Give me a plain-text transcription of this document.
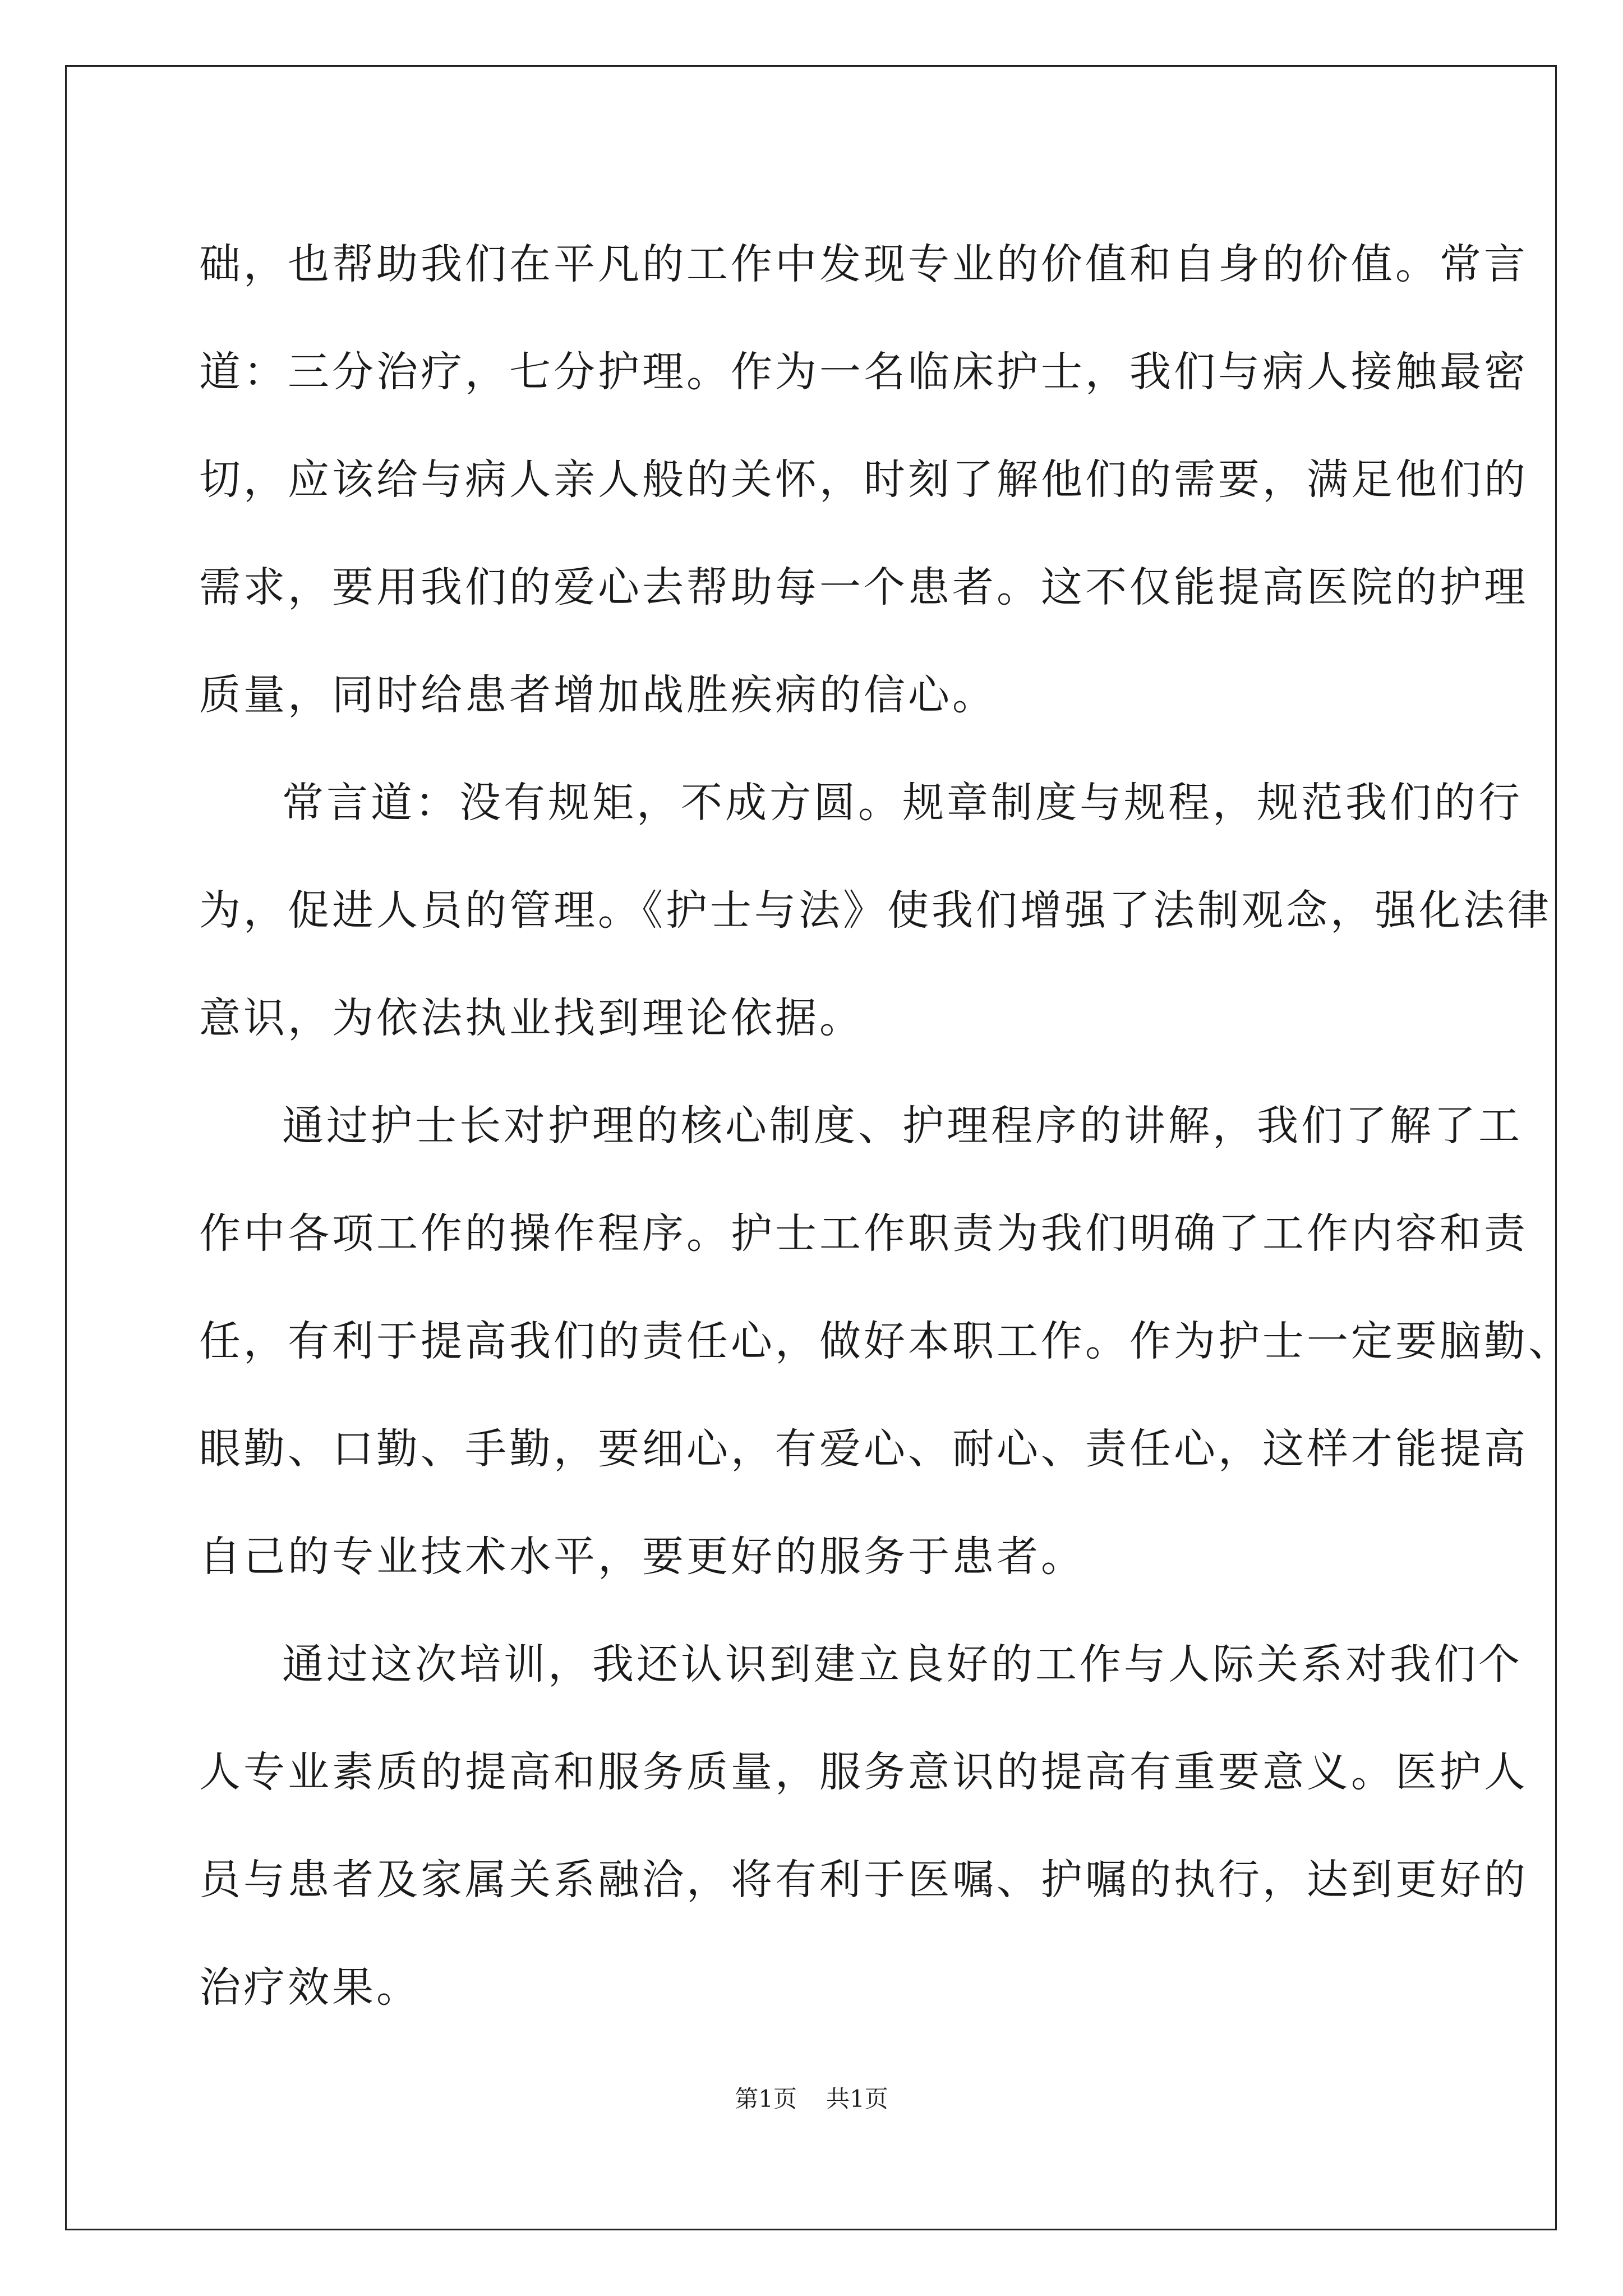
础，也帮助我们在平凡的工作中发现专业的价值和自身的价值。常言
道：三分治疗，七分护理。作为一名临床护士，我们与病人接触最密
切，应该给与病人亲人般的关怀，时刻了解他们的需要，满足他们的
需求，要用我们的爱心去帮助每一个患者。这不仅能提高医院的护理
质量，同时给患者增加战胜疾病的信心。
常言道：没有规矩，不成方圆。规章制度与规程，规范我们的行
为，促进人员的管理。《护士与法》使我们增强了法制观念，强化法律
意识，为依法执业找到理论依据。
通过护士长对护理的核心制度、护理程序的讲解，我们了解了工
作中各项工作的操作程序。护士工作职责为我们明确了工作内容和责
任，有利于提高我们的责任心，做好本职工作。作为护士一定要脑勤、
眼勤、口勤、手勤，要细心，有爱心、耐心、责任心，这样才能提高
自己的专业技术水平，要更好的服务于患者。
通过这次培训，我还认识到建立良好的工作与人际关系对我们个
人专业素质的提高和服务质量，服务意识的提高有重要意义。医护人
员与患者及家属关系融洽，将有利于医嘱、护嘱的执行，达到更好的
治疗效果。
第1页 共1页
